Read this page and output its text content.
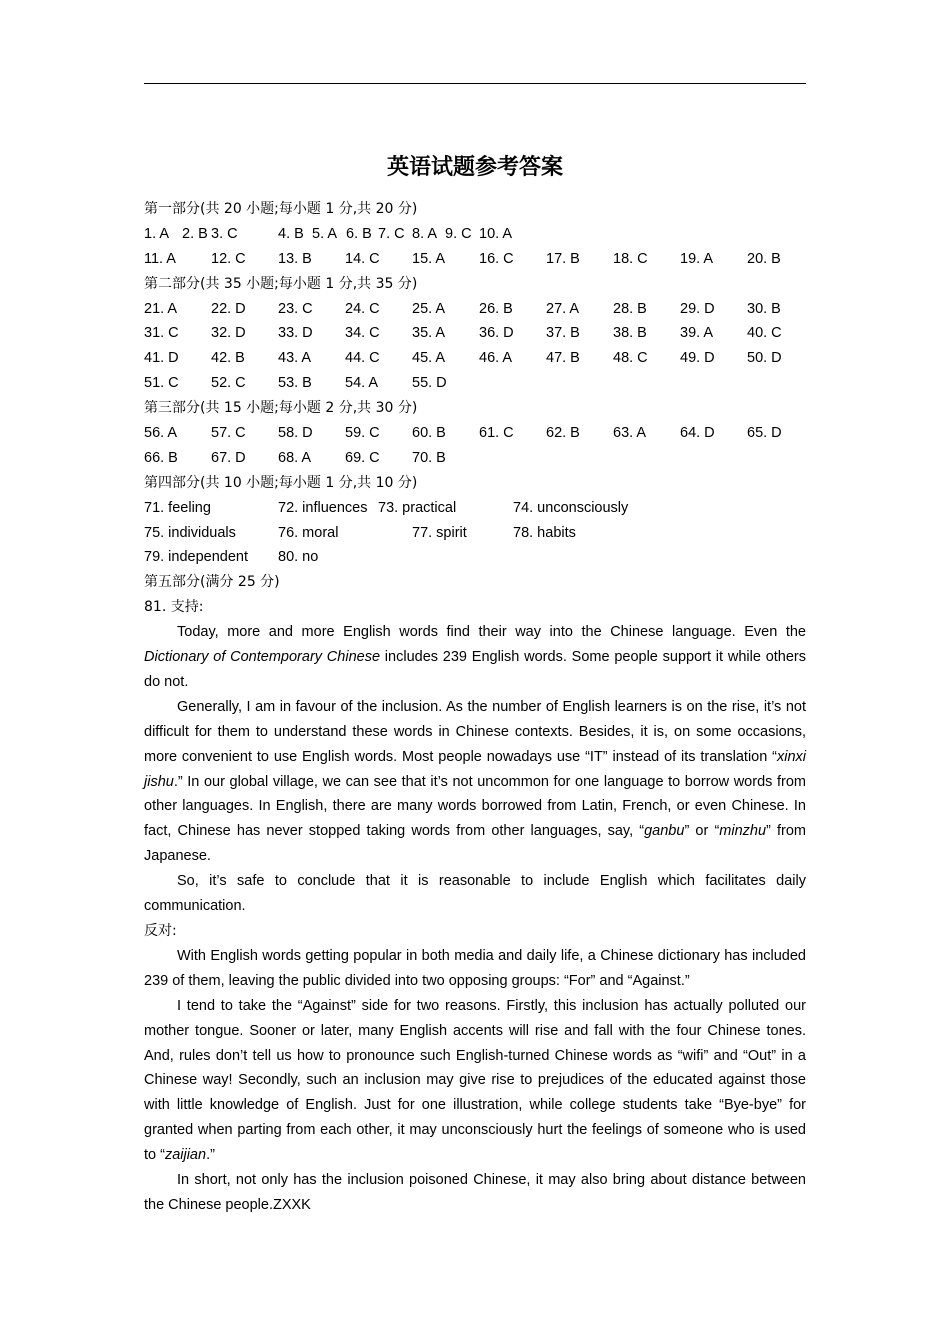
英语试题参考答案
第一部分(共 20 小题;每小题 1 分,共 20 分)
1. A 2. B 3. C	4. B 5. A 6. B 7. C 8. A 9. C 10. A
11. A 12. C 13. B 14. C 15. A 16. C 17. B 18. C 19. A 20. B
第二部分(共 35 小题;每小题 1 分,共 35 分)
21. A 22. D 23. C 24. C 25. A 26. B 27. A 28. B 29. D 30. B
31. C 32. D 33. D 34. C 35. A 36. D 37. B 38. B 39. A 40. C
41. D 42. B 43. A 44. C 45. A 46. A 47. B 48. C 49. D 50. D
51. C 52. C 53. B 54. A 55. D
第三部分(共 15 小题;每小题 2 分,共 30 分)
56. A 57. C 58. D 59. C 60. B 61. C 62. B 63. A 64. D 65. D
66. B 67. D 68. A 69. C 70. B
第四部分(共 10 小题;每小题 1 分,共 10 分)
71. feeling	72. influences 73. practical	74. unconsciously
75. individuals	76. moral	77. spirit	78. habits
79. independent 80. no
第五部分(满分 25 分)
81. 支持:

Today, more and more English words find their way into the Chinese language. Even the Dictionary of Contemporary Chinese includes 239 English words. Some people support it while others do not.

Generally, I am in favour of the inclusion. As the number of English learners is on the rise, it’s not difficult for them to understand these words in Chinese contexts. Besides, it is, on some occasions, more convenient to use English words. Most people nowadays use “IT” instead of its translation “xinxi jishu.” In our global village, we can see that it’s not uncommon for one language to borrow words from other languages. In English, there are many words borrowed from Latin, French, or even Chinese. In fact, Chinese has never stopped taking words from other languages, say, “ganbu” or “minzhu” from Japanese.

So, it’s safe to conclude that it is reasonable to include English which facilitates daily communication.

反对:

With English words getting popular in both media and daily life, a Chinese dictionary has included 239 of them, leaving the public divided into two opposing groups: “For” and “Against.”

I tend to take the “Against” side for two reasons. Firstly, this inclusion has actually polluted our mother tongue. Sooner or later, many English accents will rise and fall with the four Chinese tones. And, rules don’t tell us how to pronounce such English-turned Chinese words as “wifi” and “Out” in a Chinese way! Secondly, such an inclusion may give rise to prejudices of the educated against those with little knowledge of English. Just for one illustration, while college students take “Bye-bye” for granted when parting from each other, it may unconsciously hurt the feelings of someone who is used to “zaijian.”

In short, not only has the inclusion poisoned Chinese, it may also bring about distance between the Chinese people.ZXXK
